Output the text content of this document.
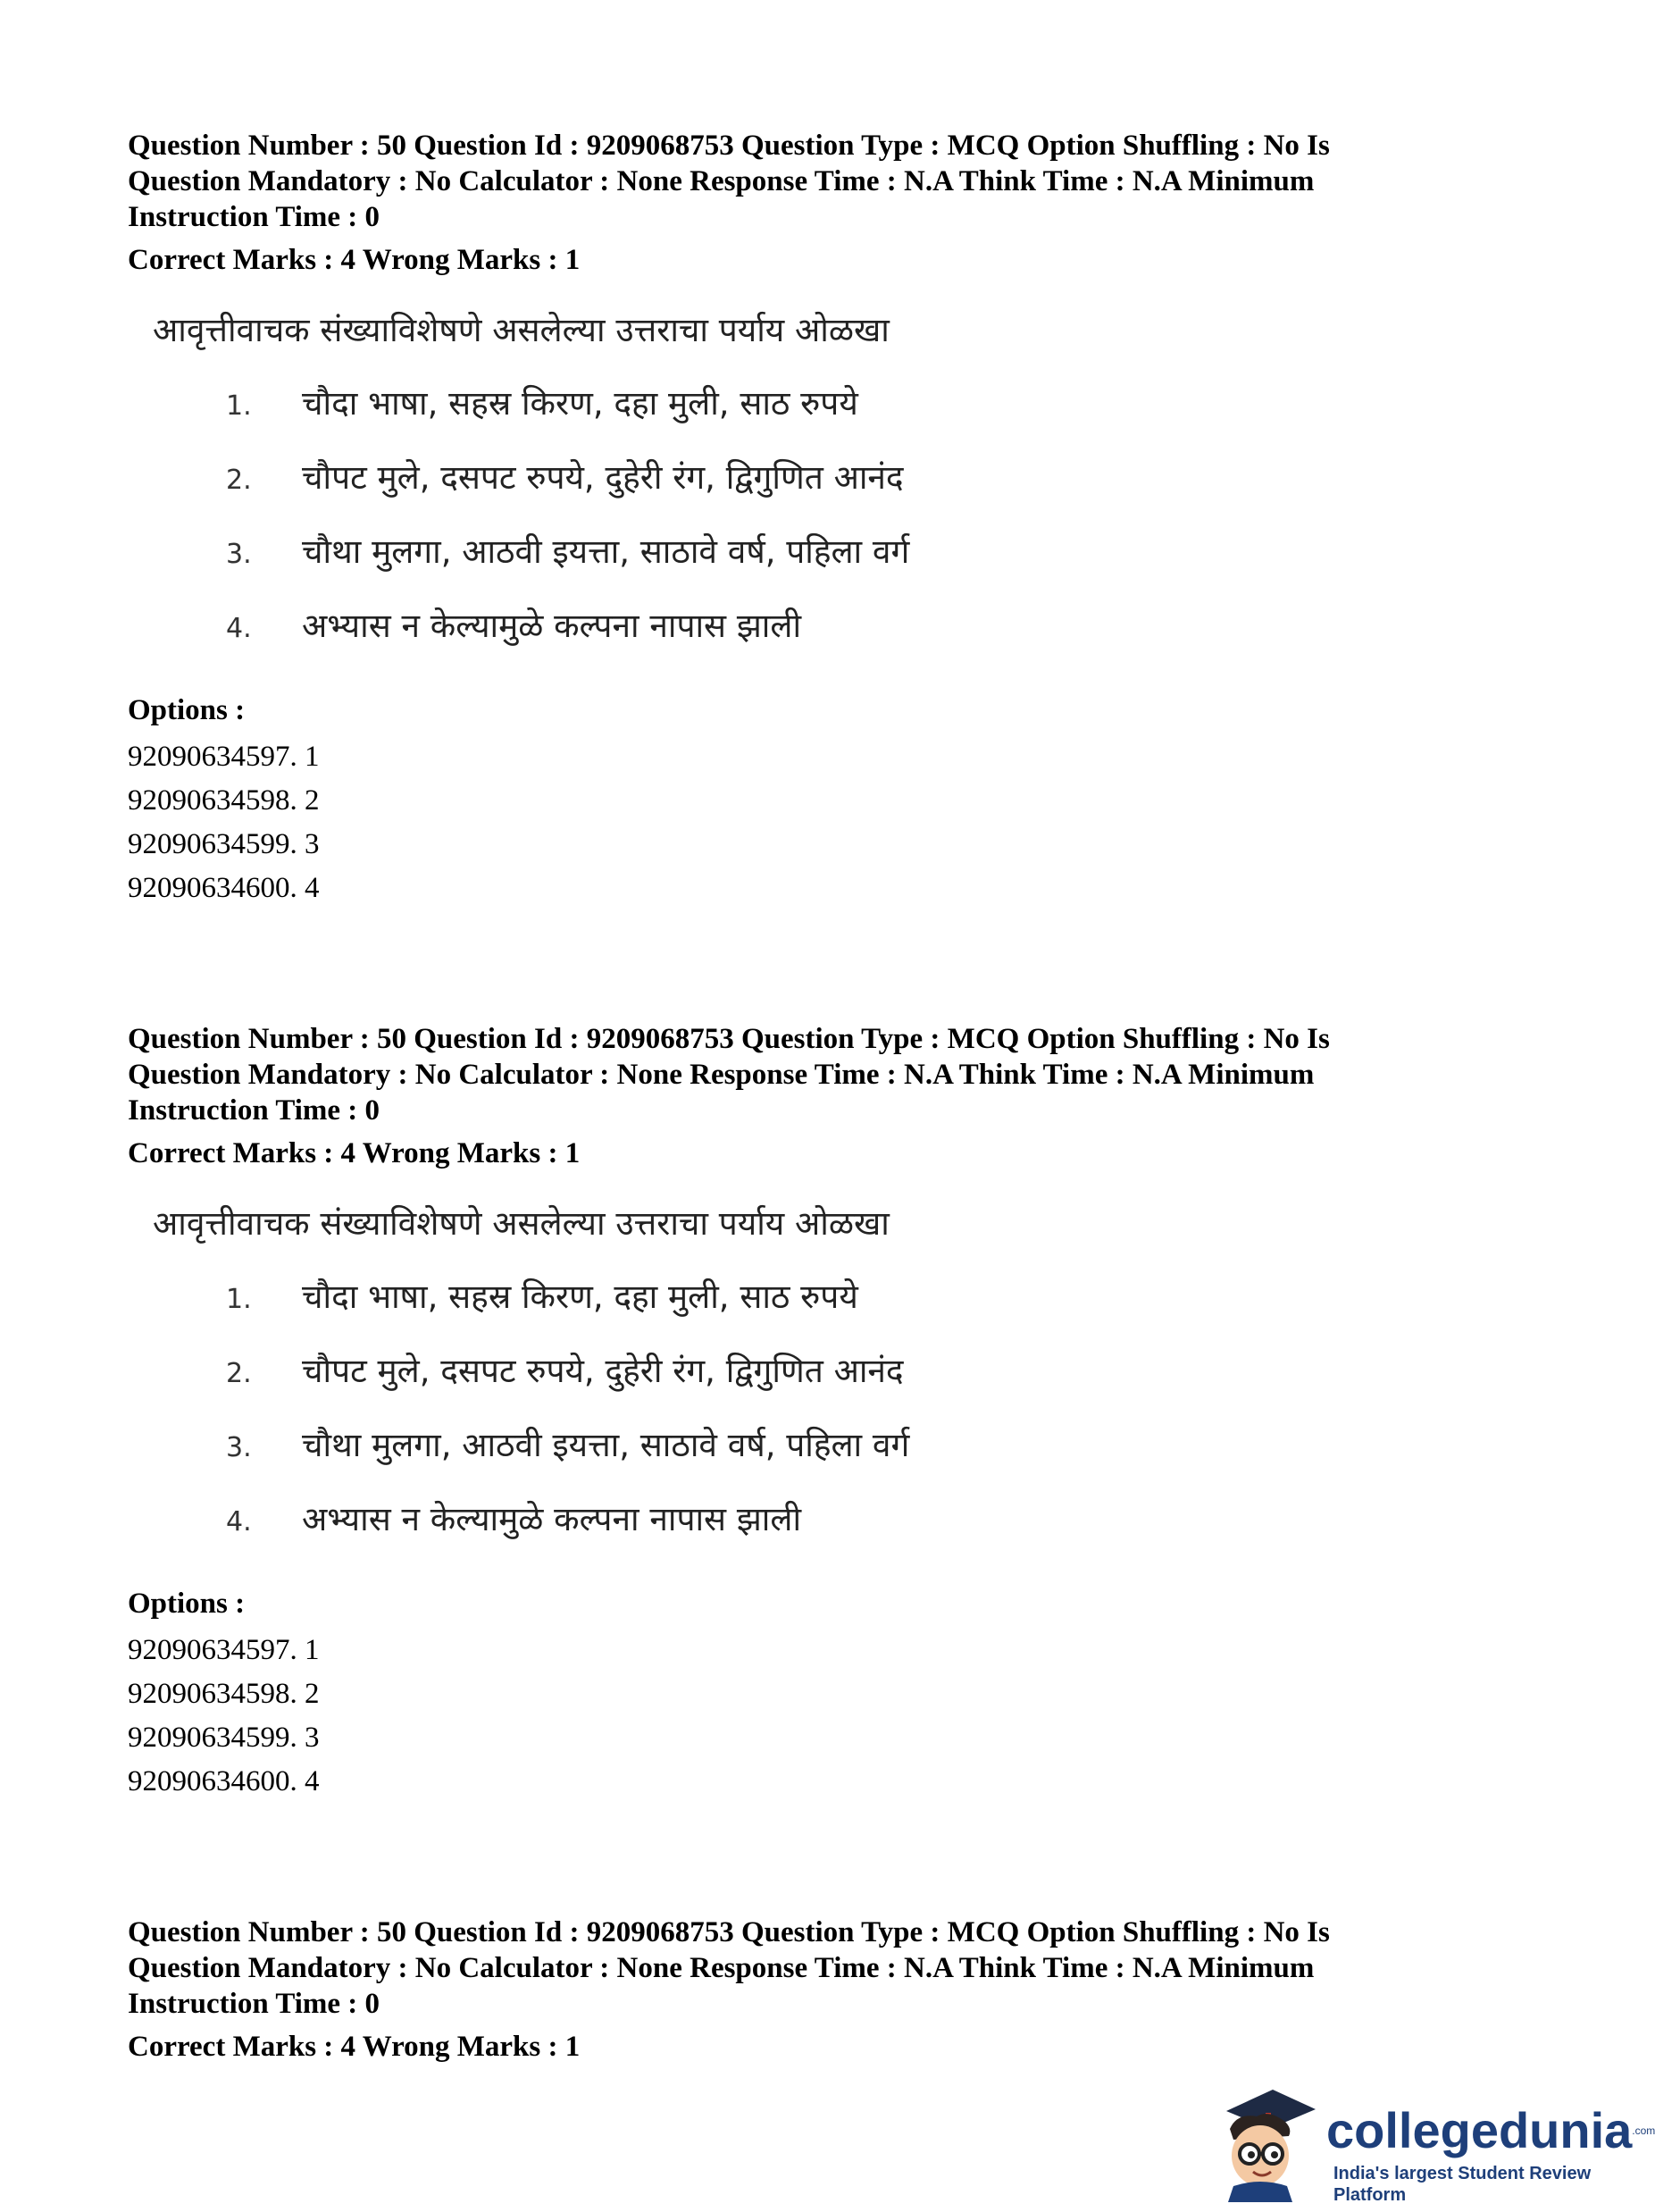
Question Number : 50 Question Id : 9209068753 Question Type : MCQ Option Shuffling : No Is

Question Mandatory : No Calculator : None Response Time : N.A Think Time : N.A Minimum

Instruction Time : 0

Correct Marks : 4 Wrong Marks : 1

आवृत्तीवाचक संख्याविशेषणे असलेल्या उत्तराचा पर्याय ओळखा
1. चौदा भाषा, सहस्र किरण, दहा मुली, साठ रुपये
2. चौपट मुले, दसपट रुपये, दुहेरी रंग, द्विगुणित आनंद
3. चौथा मुलगा, आठवी इयत्ता, साठावे वर्ष, पहिला वर्ग
4. अभ्यास न केल्यामुळे कल्पना नापास झाली

Options :

92090634597. 1

92090634598. 2

92090634599. 3

92090634600. 4

Question Number : 50 Question Id : 9209068753 Question Type : MCQ Option Shuffling : No Is

Question Mandatory : No Calculator : None Response Time : N.A Think Time : N.A Minimum

Instruction Time : 0

Correct Marks : 4 Wrong Marks : 1

आवृत्तीवाचक संख्याविशेषणे असलेल्या उत्तराचा पर्याय ओळखा
1. चौदा भाषा, सहस्र किरण, दहा मुली, साठ रुपये
2. चौपट मुले, दसपट रुपये, दुहेरी रंग, द्विगुणित आनंद
3. चौथा मुलगा, आठवी इयत्ता, साठावे वर्ष, पहिला वर्ग
4. अभ्यास न केल्यामुळे कल्पना नापास झाली

Options :

92090634597. 1

92090634598. 2

92090634599. 3

92090634600. 4

Question Number : 50 Question Id : 9209068753 Question Type : MCQ Option Shuffling : No Is

Question Mandatory : No Calculator : None Response Time : N.A Think Time : N.A Minimum

Instruction Time : 0

Correct Marks : 4 Wrong Marks : 1

collegedunia$^{.com}$
India's largest Student Review Platform
